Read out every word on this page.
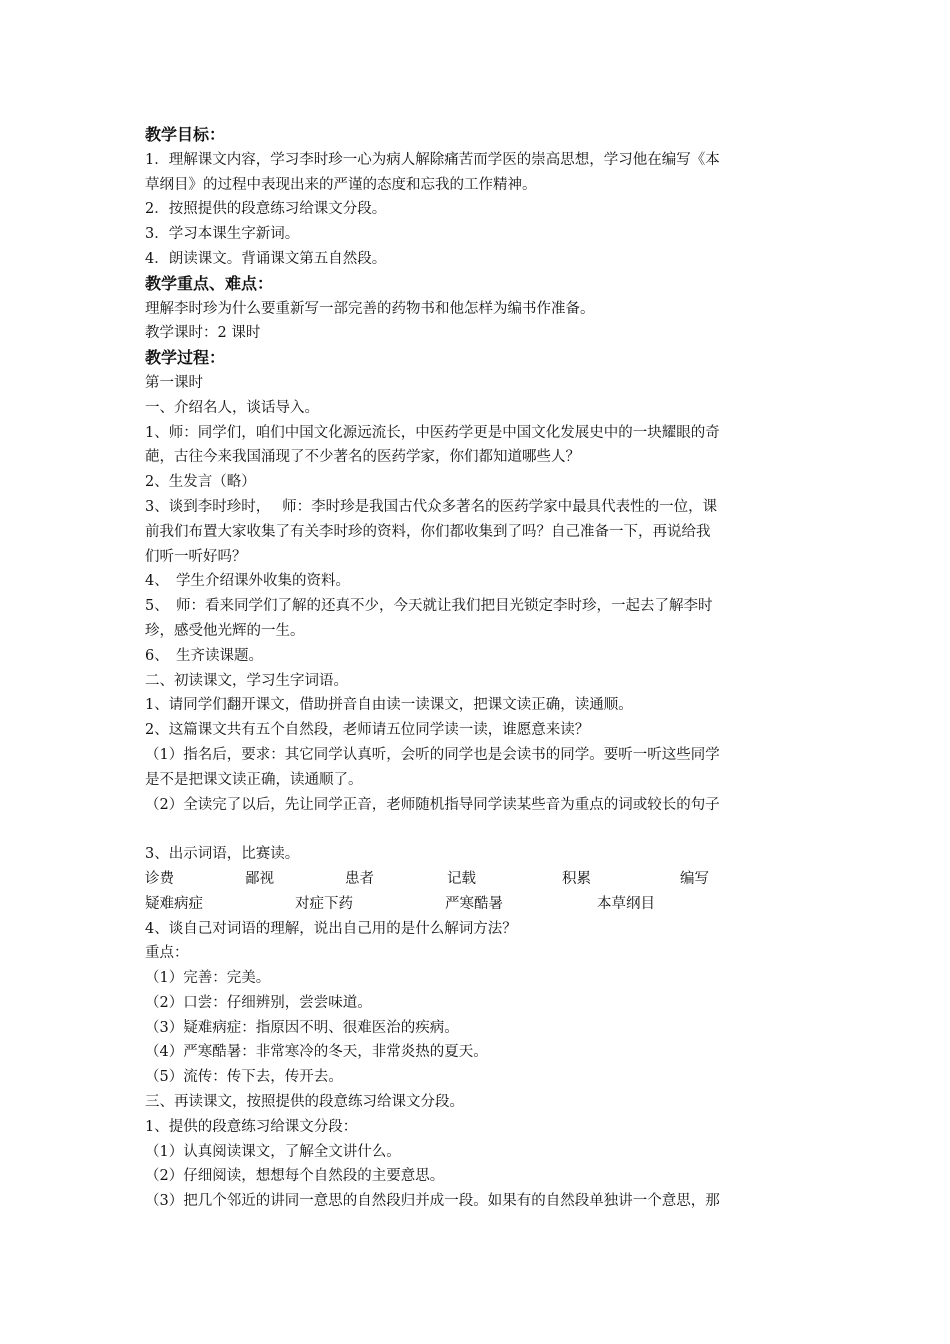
教学目标：
1．理解课文内容，学习李时珍一心为病人解除痛苦而学医的崇高思想，学习他在编写《本
草纲目》的过程中表现出来的严谨的态度和忘我的工作精神。
2．按照提供的段意练习给课文分段。
3．学习本课生字新词。
4．朗读课文。背诵课文第五自然段。
教学重点、难点：
理解李时珍为什么要重新写一部完善的药物书和他怎样为编书作准备。
教学课时：2 课时
教学过程：
第一课时
一、介绍名人，谈话导入。
1、师：同学们，咱们中国文化源远流长，中医药学更是中国文化发展史中的一块耀眼的奇
葩，古往今来我国涌现了不少著名的医药学家，你们都知道哪些人？
2、生发言（略）
3、谈到李时珍时，　 师：李时珍是我国古代众多著名的医药学家中最具代表性的一位，课
前我们布置大家收集了有关李时珍的资料，你们都收集到了吗？自己准备一下，再说给我
们听一听好吗？
4、　学生介绍课外收集的资料。
5、　师：看来同学们了解的还真不少，今天就让我们把目光锁定李时珍，一起去了解李时
珍，感受他光辉的一生。
6、　生齐读课题。
二、初读课文，学习生字词语。
1、请同学们翻开课文，借助拼音自由读一读课文，把课文读正确，读通顺。
2、这篇课文共有五个自然段，老师请五位同学读一读，谁愿意来读？
（1）指名后，要求：其它同学认真听，会听的同学也是会读书的同学。要听一听这些同学
是不是把课文读正确，读通顺了。
（2）全读完了以后，先让同学正音，老师随机指导同学读某些音为重点的词或较长的句子
3、出示词语，比赛读。
诊费	鄙视	患者	记载	积累	编写
疑难病症	对症下药	严寒酷暑	本草纲目
4、谈自己对词语的理解，说出自己用的是什么解词方法？
重点：
（1）完善：完美。
（2）口尝：仔细辨别，尝尝味道。
（3）疑难病症：指原因不明、很难医治的疾病。
（4）严寒酷暑：非常寒冷的冬天，非常炎热的夏天。
（5）流传：传下去，传开去。
三、再读课文，按照提供的段意练习给课文分段。
1、提供的段意练习给课文分段：
（1）认真阅读课文，了解全文讲什么。
（2）仔细阅读，想想每个自然段的主要意思。
（3）把几个邻近的讲同一意思的自然段归并成一段。如果有的自然段单独讲一个意思，那
